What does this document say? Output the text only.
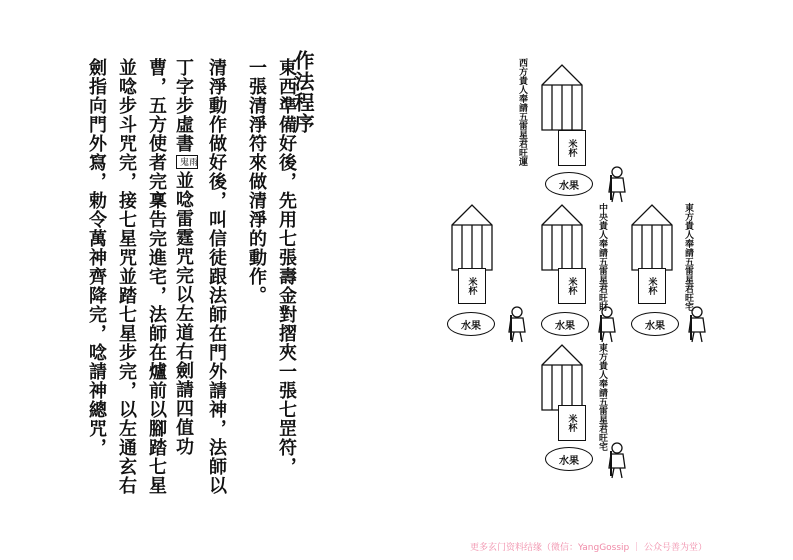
作法程序
東西準備好後，先用七張壽金對摺夾一張七罡符，
一張清淨符來做清淨的動作。
清淨動作做好後，叫信徒跟法師在門外請神，法師以
丁字步虛書雨
鬼並唸雷霆咒完以左道右劍請四值功
曹，五方使者完稟告完進宅，法師在爐前以腳踏七星
並唸步斗咒完，接七星咒並踏七星步完，以左通玄右
劍指向門外寫，勅令萬神齊降完，唸請神總咒，	西方貴人奉請五雷星君旺運
中央貴人奉請五雷星君旺財	東方貴人奉請五雷星君旺宅
東方貴人奉請五雷星君旺宅
米杯
米杯	米杯	米杯
米杯
水果
水果	水果	水果
水果
更多玄门资料结缘（微信：YangGossip ｜ 公众号善为堂）
